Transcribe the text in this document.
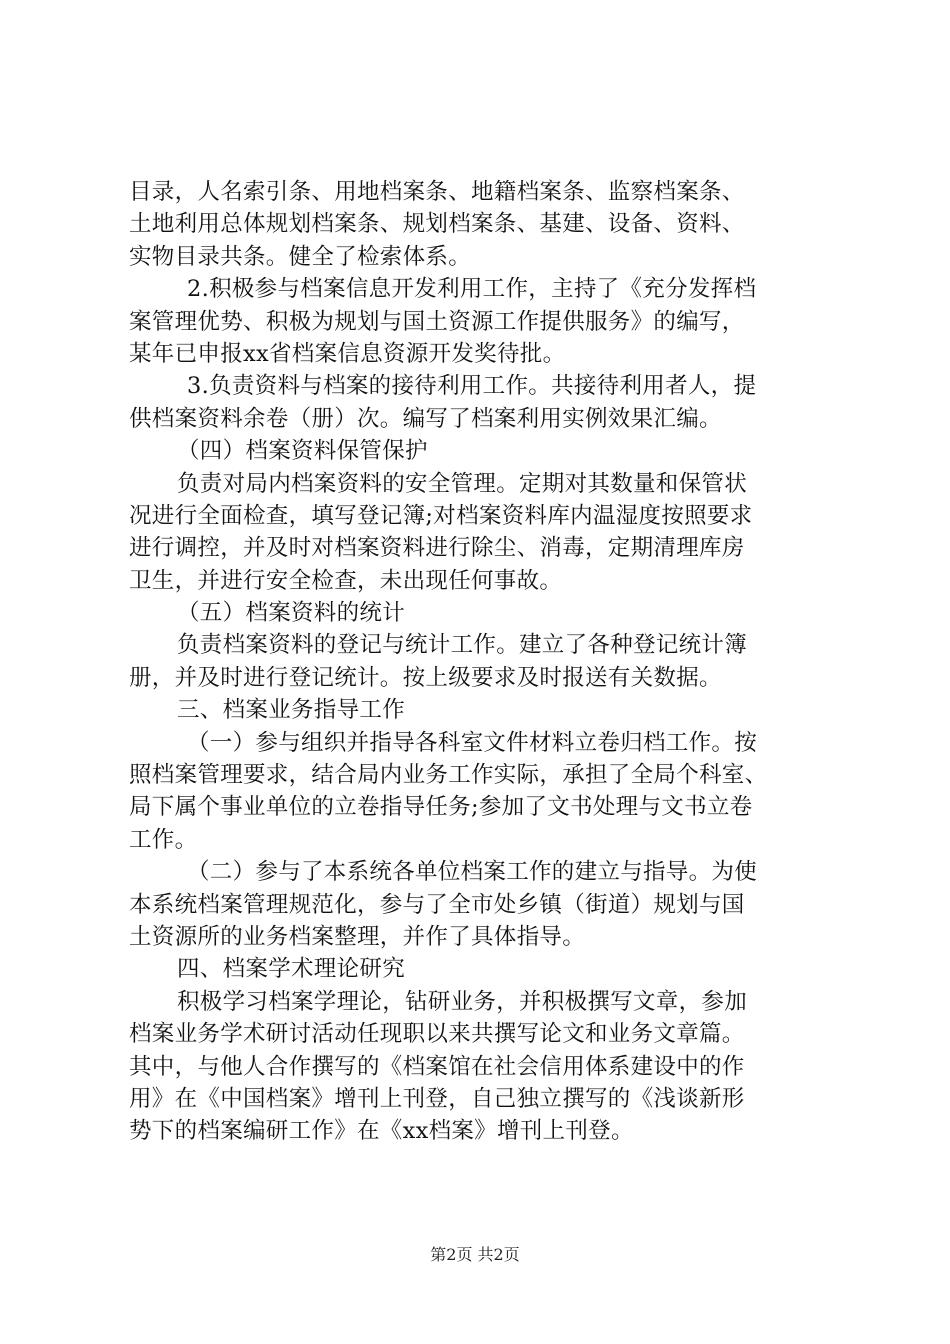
目录，人名索引条、用地档案条、地籍档案条、监察档案条、
土地利用总体规划档案条、规划档案条、基建、设备、资料、
实物目录共条。健全了检索体系。
2.积极参与档案信息开发利用工作，主持了《充分发挥档
案管理优势、积极为规划与国土资源工作提供服务》的编写，
某年已申报xx省档案信息资源开发奖待批。
3.负责资料与档案的接待利用工作。共接待利用者人，提
供档案资料余卷（册）次。编写了档案利用实例效果汇编。
（四）档案资料保管保护
负责对局内档案资料的安全管理。定期对其数量和保管状
况进行全面检查，填写登记簿;对档案资料库内温湿度按照要求
进行调控，并及时对档案资料进行除尘、消毒，定期清理库房
卫生，并进行安全检查，未出现任何事故。
（五）档案资料的统计
负责档案资料的登记与统计工作。建立了各种登记统计簿
册，并及时进行登记统计。按上级要求及时报送有关数据。
三、档案业务指导工作
（一）参与组织并指导各科室文件材料立卷归档工作。按
照档案管理要求，结合局内业务工作实际，承担了全局个科室、
局下属个事业单位的立卷指导任务;参加了文书处理与文书立卷
工作。
（二）参与了本系统各单位档案工作的建立与指导。为使
本系统档案管理规范化，参与了全市处乡镇（街道）规划与国
土资源所的业务档案整理，并作了具体指导。
四、档案学术理论研究
积极学习档案学理论，钻研业务，并积极撰写文章，参加
档案业务学术研讨活动任现职以来共撰写论文和业务文章篇。
其中，与他人合作撰写的《档案馆在社会信用体系建设中的作
用》在《中国档案》增刊上刊登，自己独立撰写的《浅谈新形
势下的档案编研工作》在《xx档案》增刊上刊登。
第2页 共2页
